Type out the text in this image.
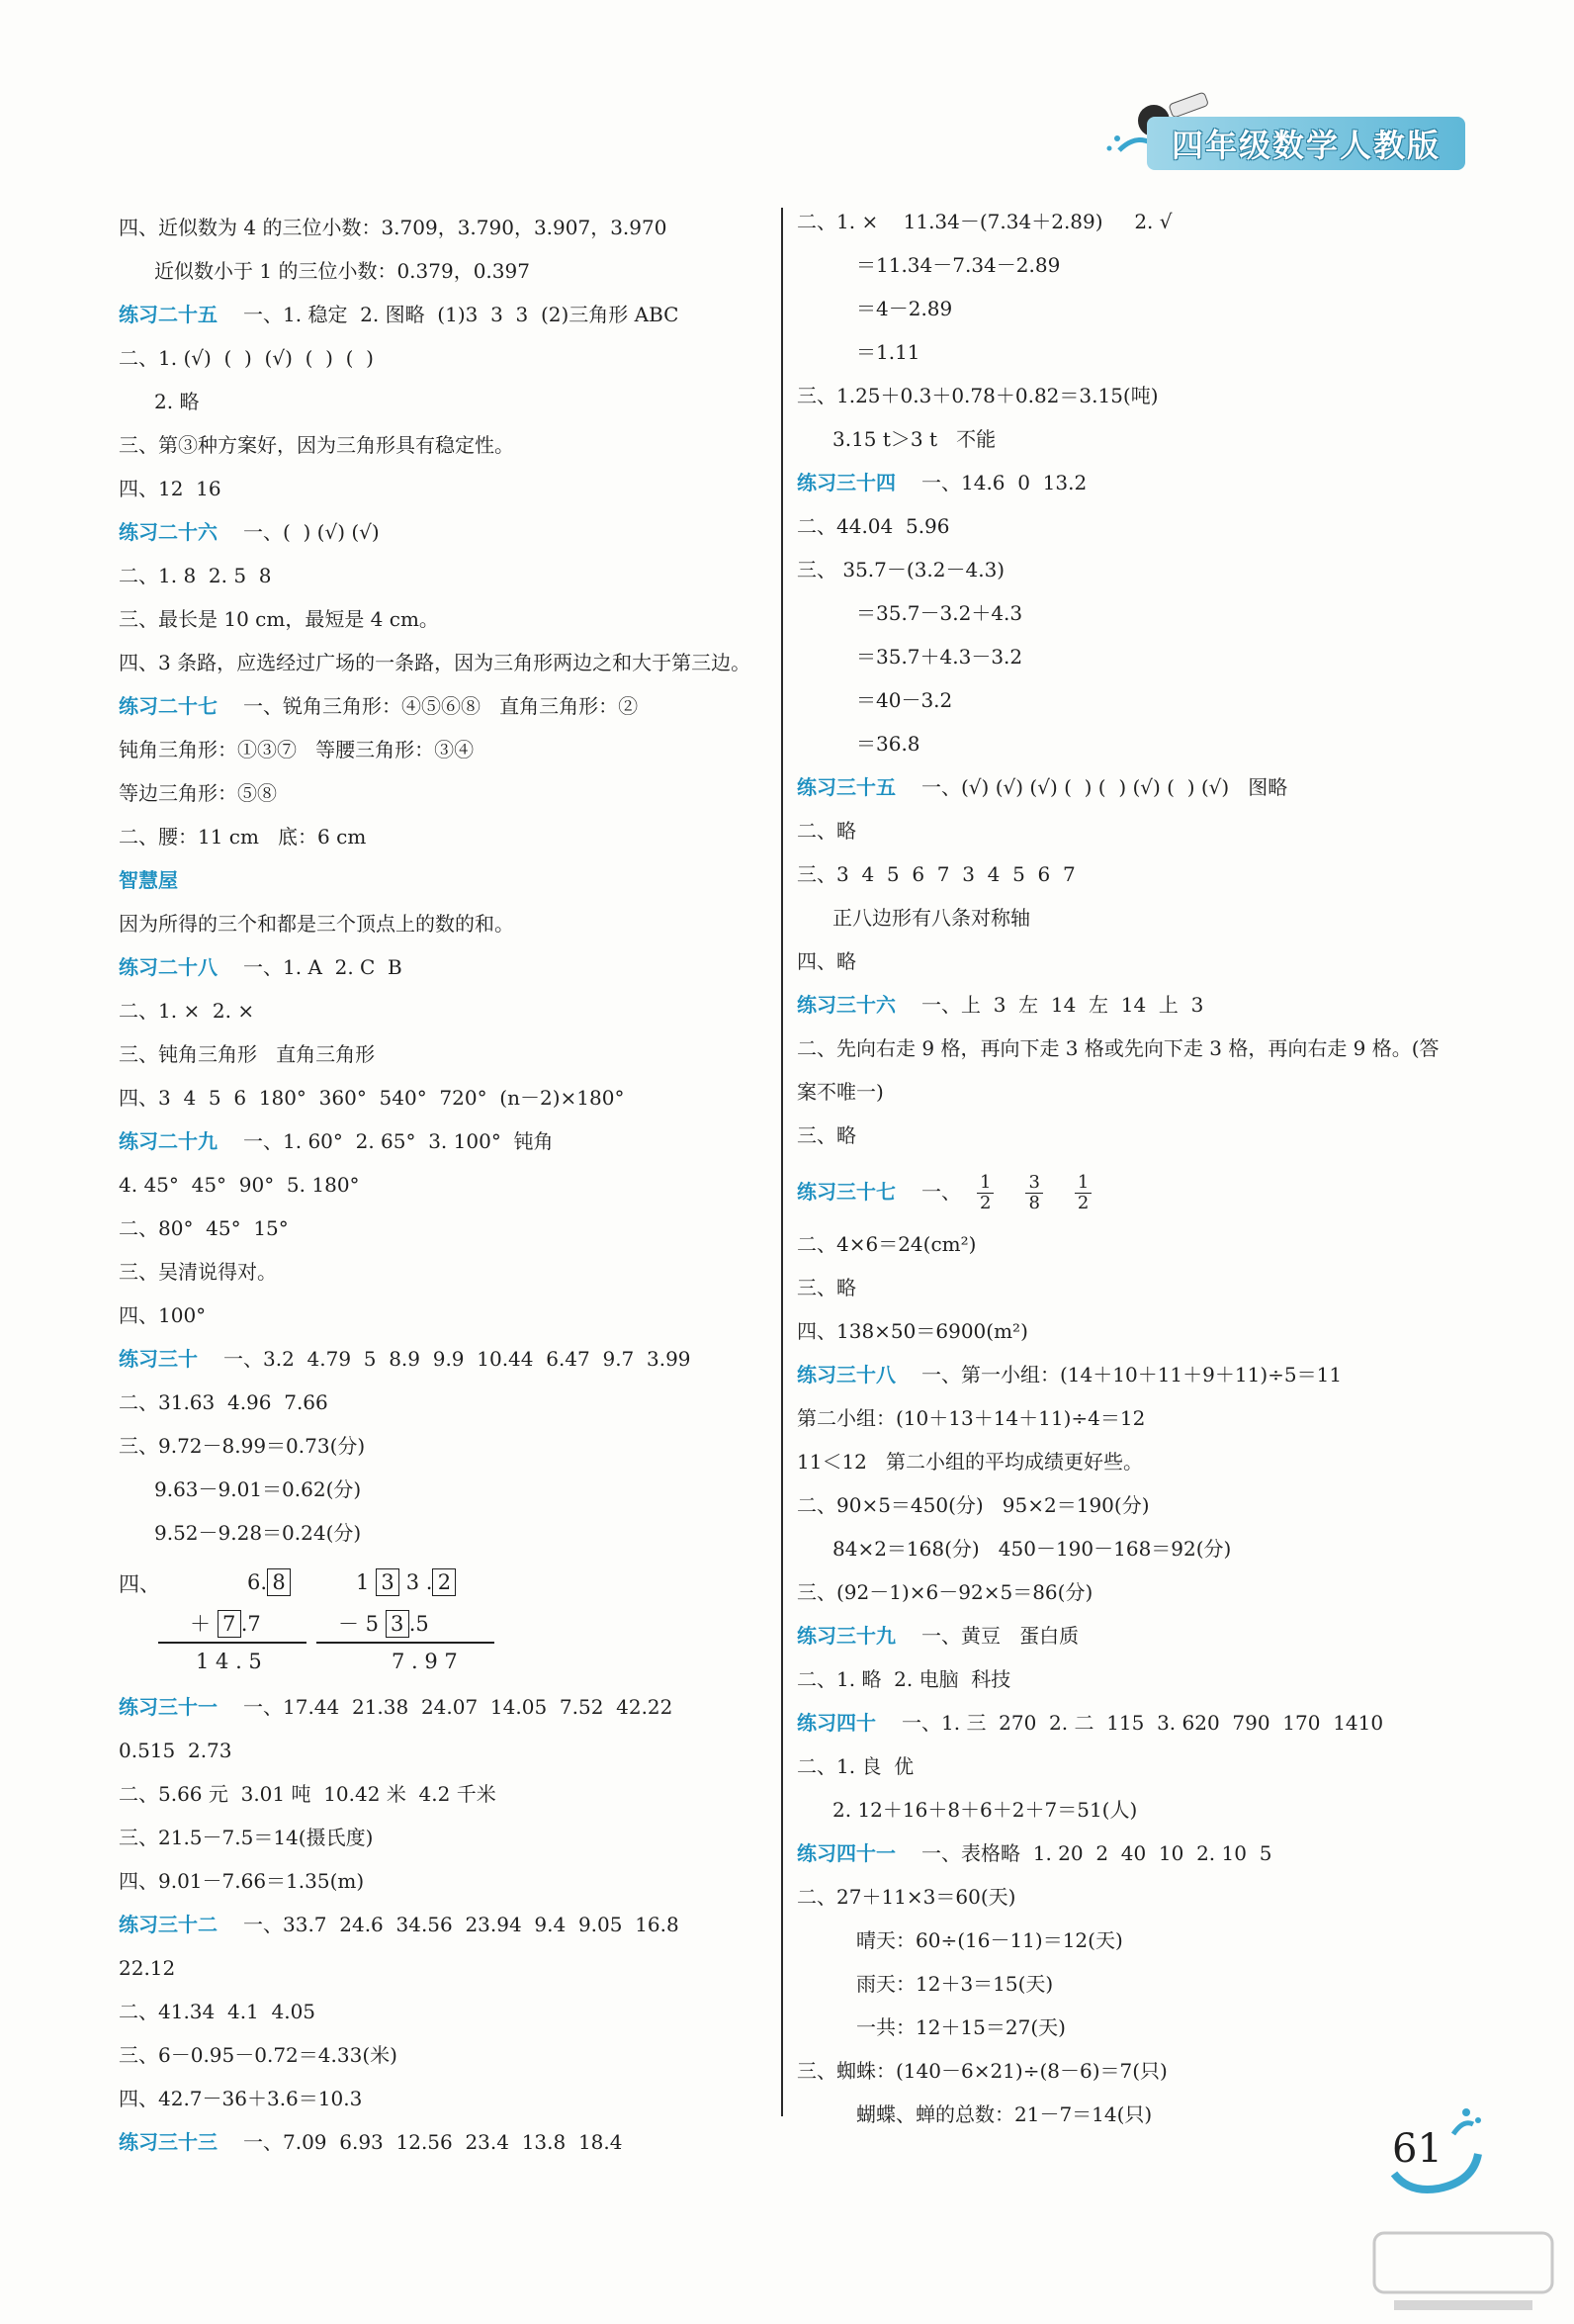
四年级数学人教版
四、近似数为 4 的三位小数：3.709，3.790，3.907，3.970
近似数小于 1 的三位小数：0.379，0.397
练习二十五 一、1. 稳定  2. 图略  (1)3  3  3  (2)三角形 ABC
二、1. (√)  (  )  (√)  (  )  (  )
2. 略
三、第③种方案好，因为三角形具有稳定性。
四、12  16
练习二十六 一、(  ) (√) (√)
二、1. 8  2. 5  8
三、最长是 10 cm，最短是 4 cm。
四、3 条路，应选经过广场的一条路，因为三角形两边之和大于第三边。
练习二十七 一、锐角三角形：④⑤⑥⑧   直角三角形：②
钝角三角形：①③⑦   等腰三角形：③④
等边三角形：⑤⑧
二、腰：11 cm   底：6 cm
智慧屋
因为所得的三个和都是三个顶点上的数的和。
练习二十八 一、1. A  2. C  B
二、1. ×  2. ×
三、钝角三角形   直角三角形
四、3  4  5  6  180°  360°  540°  720°  (n－2)×180°
练习二十九 一、1. 60°  2. 65°  3. 100°  钝角
4. 45°  45°  90°  5. 180°
二、80°  45°  15°
三、吴清说得对。
四、100°
练习三十 一、3.2  4.79  5  8.9  9.9  10.44  6.47  9.7  3.99
二、31.63  4.96  7.66
三、9.72－8.99＝0.73(分)
9.63－9.01＝0.62(分)
9.52－9.28＝0.24(分)
四、	6. 8
＋ 7 .7
1 4 . 5
1 3 3 . 2
－ 5 3 .5
7 . 9 7
练习三十一 一、17.44  21.38  24.07  14.05  7.52  42.22
0.515  2.73
二、5.66 元  3.01 吨  10.42 米  4.2 千米
三、21.5－7.5＝14(摄氏度)
四、9.01－7.66＝1.35(m)
练习三十二 一、33.7  24.6  34.56  23.94  9.4  9.05  16.8
22.12
二、41.34  4.1  4.05
三、6－0.95－0.72＝4.33(米)
四、42.7－36＋3.6＝10.3
练习三十三 一、7.09  6.93  12.56  23.4  13.8  18.4
二、1. ×    11.34－(7.34＋2.89)     2. √
＝11.34－7.34－2.89
＝4－2.89
＝1.11
三、1.25＋0.3＋0.78＋0.82＝3.15(吨)
3.15 t＞3 t   不能
练习三十四 一、14.6  0  13.2
二、44.04  5.96
三、 35.7－(3.2－4.3)
＝35.7－3.2＋4.3
＝35.7＋4.3－3.2
＝40－3.2
＝36.8
练习三十五 一、(√) (√) (√) (  ) (  ) (√) (  ) (√)   图略
二、略
三、3  4  5  6  7  3  4  5  6  7
正八边形有八条对称轴
四、略
练习三十六 一、上  3  左  14  左  14  上  3
二、先向右走 9 格，再向下走 3 格或先向下走 3 格，再向右走 9 格。(答
案不唯一)
三、略
练习三十七 一、 $\frac{1}{2} \frac{3}{8} \frac{1}{2}$
二、4×6＝24(cm²)
三、略
四、138×50＝6900(m²)
练习三十八 一、第一小组：(14＋10＋11＋9＋11)÷5＝11
第二小组：(10＋13＋14＋11)÷4＝12
11＜12   第二小组的平均成绩更好些。
二、90×5＝450(分)   95×2＝190(分)
84×2＝168(分)   450－190－168＝92(分)
三、(92－1)×6－92×5＝86(分)
练习三十九 一、黄豆   蛋白质
二、1. 略  2. 电脑  科技
练习四十 一、1. 三  270  2. 二  115  3. 620  790  170  1410
二、1. 良  优
2. 12＋16＋8＋6＋2＋7＝51(人)
练习四十一 一、表格略  1. 20  2  40  10  2. 10  5
二、27＋11×3＝60(天)
晴天：60÷(16－11)＝12(天)
雨天：12＋3＝15(天)
一共：12＋15＝27(天)
三、蜘蛛：(140－6×21)÷(8－6)＝7(只)
蝴蝶、蝉的总数：21－7＝14(只)
61
